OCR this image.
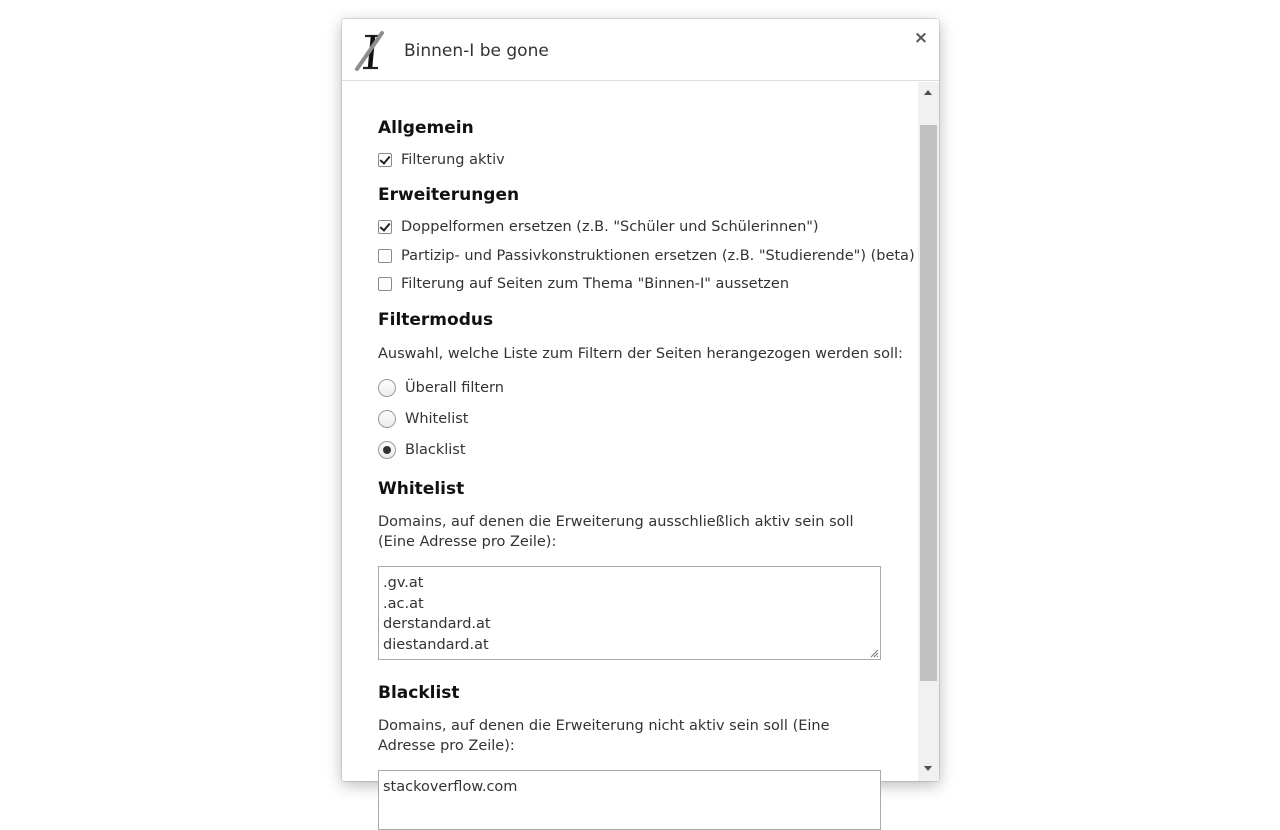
Binnen-I be gone
×
Allgemein
Filterung aktiv
Erweiterungen
Doppelformen ersetzen (z.B. "Schüler und Schülerinnen")
Partizip- und Passivkonstruktionen ersetzen (z.B. "Studierende") (beta)
Filterung auf Seiten zum Thema "Binnen-I" aussetzen
Filtermodus
Auswahl, welche Liste zum Filtern der Seiten herangezogen werden soll:
Überall filtern
Whitelist
Blacklist
Whitelist
Domains, auf denen die Erweiterung ausschließlich aktiv sein soll (Eine Adresse pro Zeile):
.gv.at
.ac.at
derstandard.at
diestandard.at
Blacklist
Domains, auf denen die Erweiterung nicht aktiv sein soll (Eine Adresse pro Zeile):
stackoverflow.com
